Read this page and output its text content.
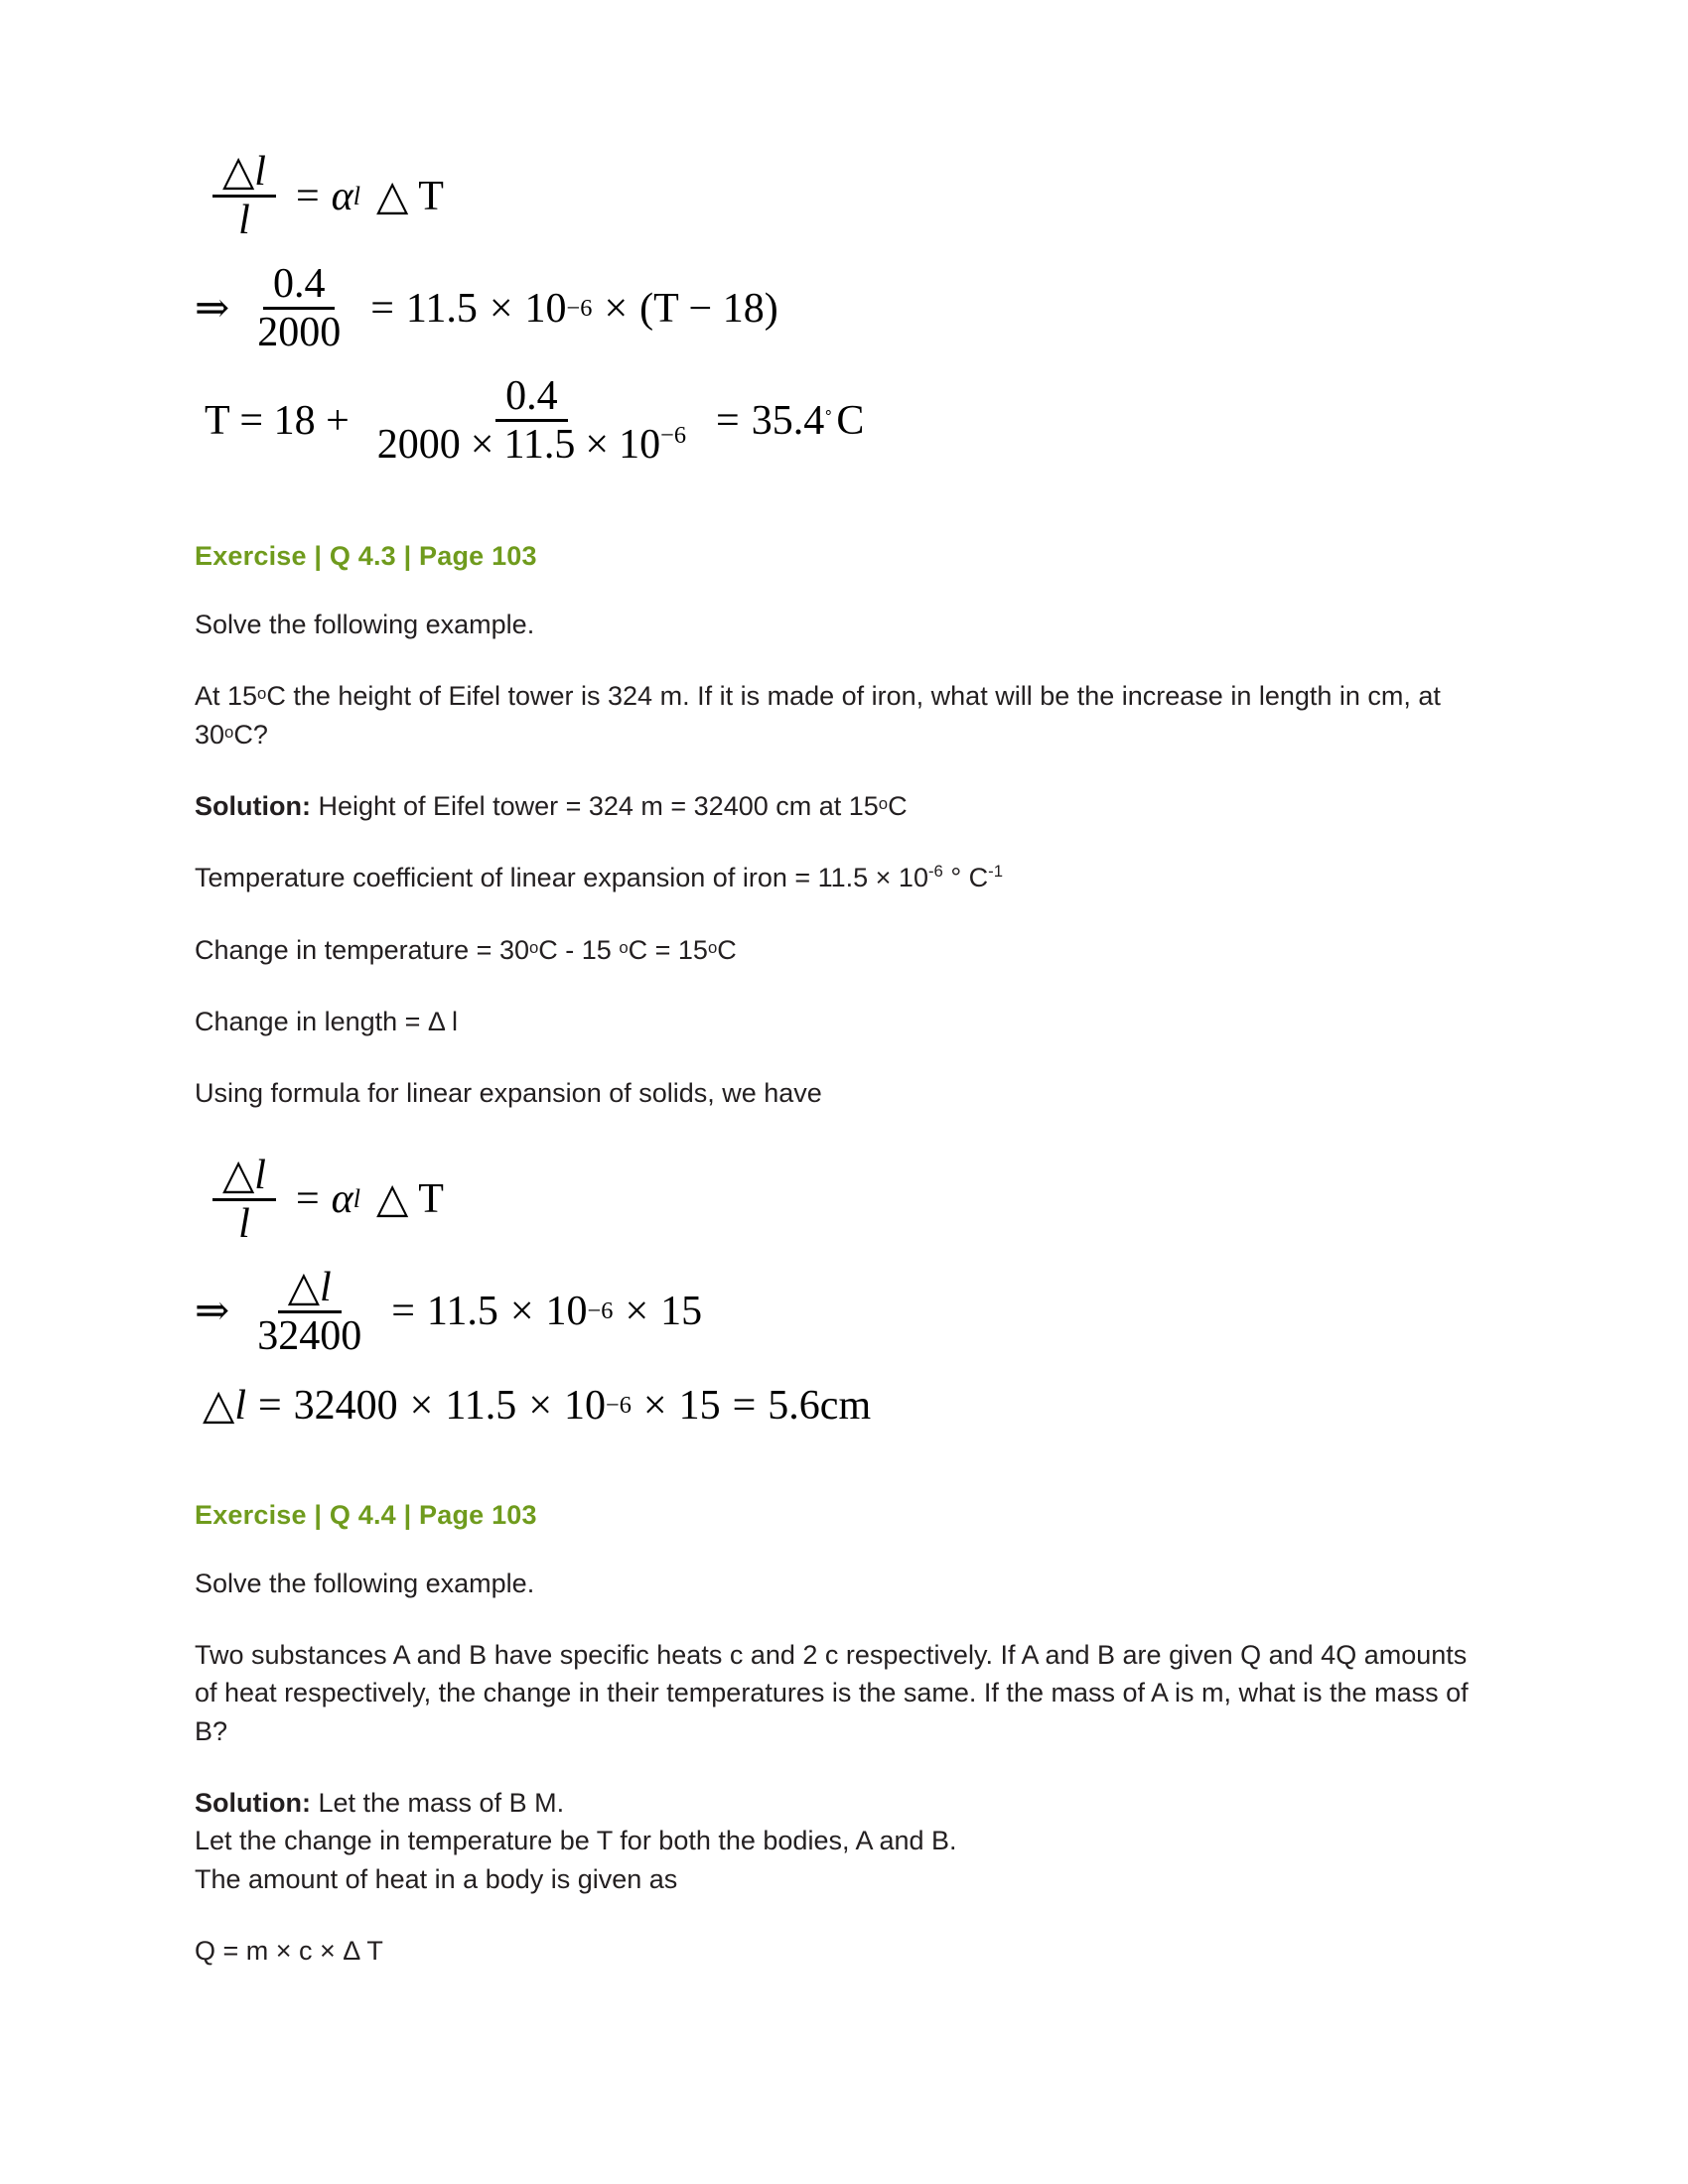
$\frac{\triangle l}{l} = \alpha$ l △ T
⇒ $\frac{0.4}{2000} = 11.5 \times 10 -6 \times (T - 18)$
$T = 18 + \frac{0.4}{2000 \times 11.5 \times 10^{-6}} = 35.4$ ˚ C
Exercise | Q 4.3 | Page 103

Solve the following example.

At 15$^o$C the height of Eifel tower is 324 m. If it is made of iron, what will be the increase in length in cm, at 30$^o$C?

Solution: Height of Eifel tower = 324 m = 32400 cm at 15$^o$C

Temperature coefficient of linear expansion of iron = $11.5 \times 10^{-6}$ ° $C^{-1}$

Change in temperature = $30^oC - 15$ $^oC = 15^oC$

Change in length = Δ l

Using formula for linear expansion of solids, we have

$\frac{\triangle l}{l} = \alpha$ l △ T
⇒ $\frac{\triangle l}{32400} = 11.5 \times 10 -6 \times 15$
△ l = 32400 × 11.5 × 10 −6 × 15 = 5.6cm
Exercise | Q 4.4 | Page 103

Solve the following example.

Two substances A and B have specific heats c and 2 c respectively. If A and B are given Q and 4Q amounts of heat respectively, the change in their temperatures is the same. If the mass of A is m, what is the mass of B?

Solution: Let the mass of B M.

Let the change in temperature be T for both the bodies, A and B.

The amount of heat in a body is given as

Q = m × c × Δ T
